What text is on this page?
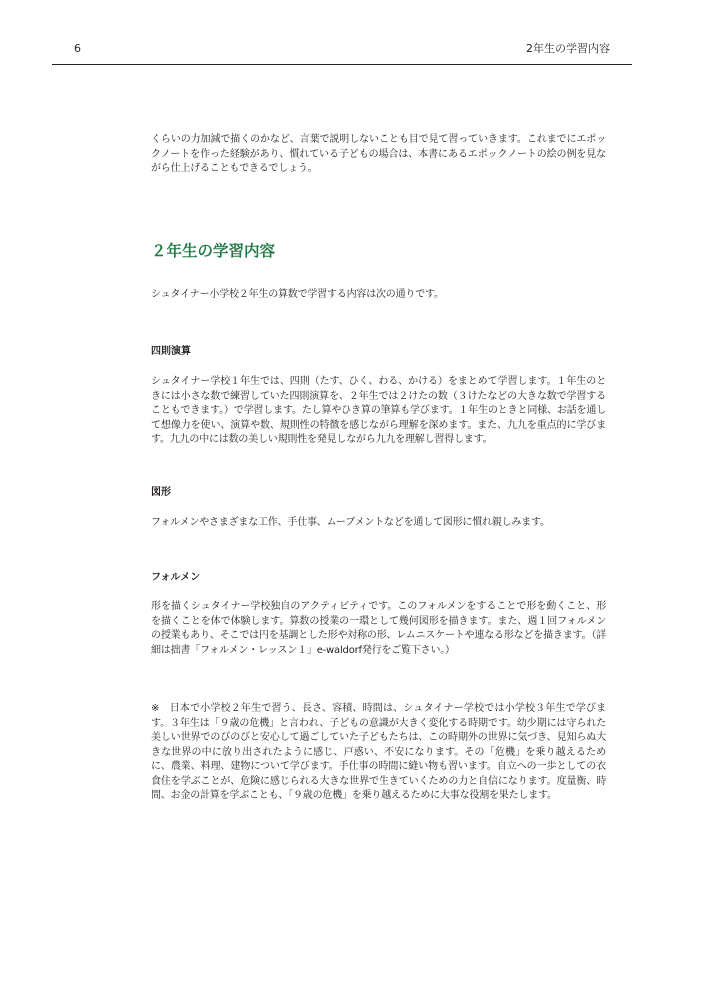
6	2年生の学習内容

くらいの力加減で描くのかなど、言葉で説明しないことも目で見て習っていきます。これまでにエポックノートを作った経験があり、慣れている子どもの場合は、本書にあるエポックノートの絵の例を見ながら仕上げることもできるでしょう。

２年生の学習内容

シュタイナー小学校２年生の算数で学習する内容は次の通りです。

四則演算

シュタイナー学校１年生では、四則（たす、ひく、わる、かける）をまとめて学習します。１年生のときには小さな数で練習していた四則演算を、２年生では２けたの数（３けたなどの大きな数で学習することもできます。）で学習します。たし算やひき算の筆算も学びます。１年生のときと同様、お話を通して想像力を使い、演算や数、規則性の特徴を感じながら理解を深めます。また、九九を重点的に学びます。九九の中には数の美しい規則性を発見しながら九九を理解し習得します。

図形

フォルメンやさまざまな工作、手仕事、ムーブメントなどを通して図形に慣れ親しみます。

フォルメン

形を描くシュタイナー学校独自のアクティビティです。このフォルメンをすることで形を動くこと、形を描くことを体で体験します。算数の授業の一環として幾何図形を描きます。また、週１回フォルメンの授業もあり、そこでは円を基調とした形や対称の形、レムニスケートや連なる形などを描きます。（詳細は拙書「フォルメン・レッスン１」e-waldorf発行をご覧下さい。）

※　日本で小学校２年生で習う、長さ、容積、時間は、シュタイナー学校では小学校３年生で学びます。３年生は「９歳の危機」と言われ、子どもの意識が大きく変化する時期です。幼少期には守られた美しい世界でのびのびと安心して過ごしていた子どもたちは、この時期外の世界に気づき、見知らぬ大きな世界の中に放り出されたように感じ、戸惑い、不安になります。その「危機」を乗り越えるために、農業、料理、建物について学びます。手仕事の時間に縫い物も習います。自立への一歩としての衣食住を学ぶことが、危険に感じられる大きな世界で生きていくための力と自信になります。度量衡、時間、お金の計算を学ぶことも、「９歳の危機」を乗り越えるために大事な役割を果たします。
